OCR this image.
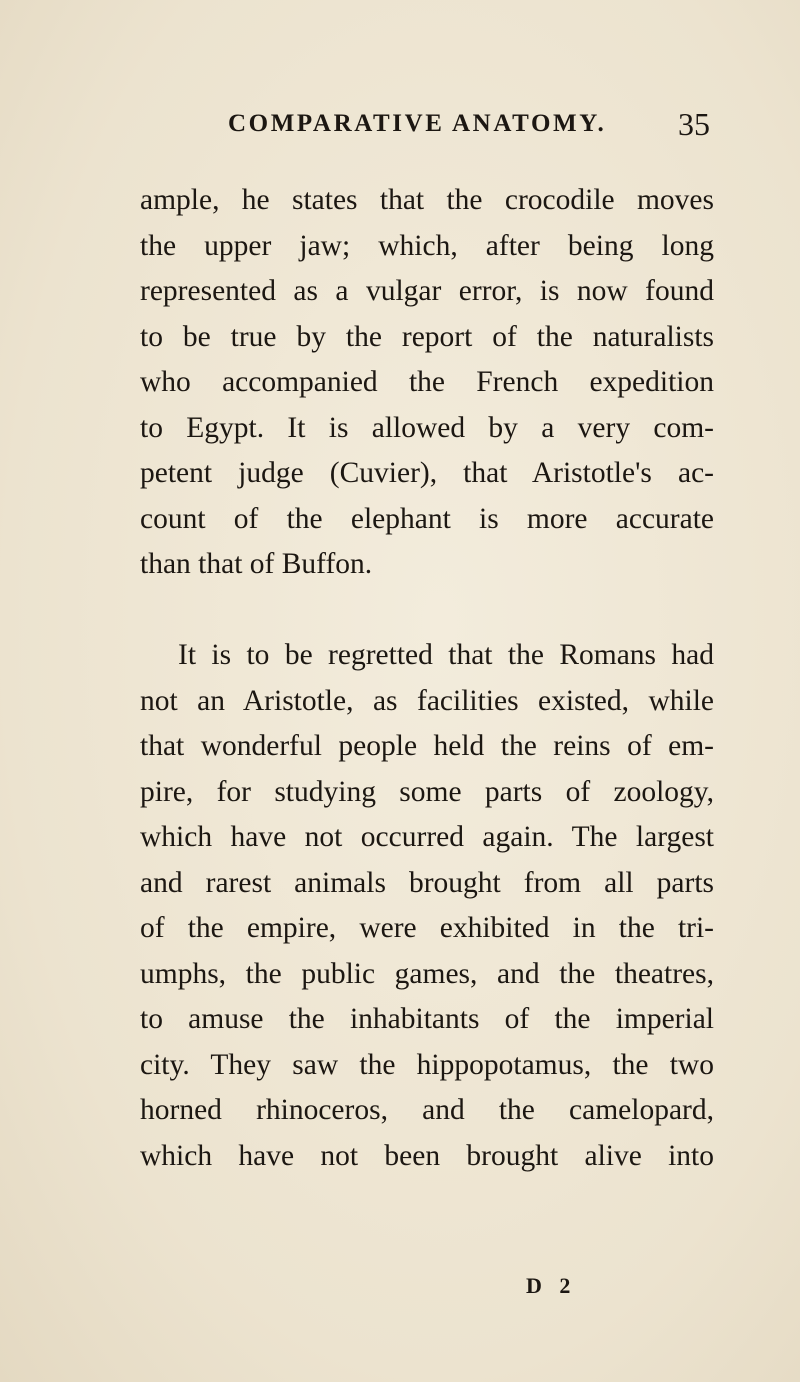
COMPARATIVE ANATOMY. 35
ample, he states that the crocodile moves
the upper jaw; which, after being long
represented as a vulgar error, is now found
to be true by the report of the naturalists
who accompanied the French expedition
to Egypt. It is allowed by a very com-
petent judge (Cuvier), that Aristotle's ac-
count of the elephant is more accurate
than that of Buffon.
It is to be regretted that the Romans had
not an Aristotle, as facilities existed, while
that wonderful people held the reins of em-
pire, for studying some parts of zoology,
which have not occurred again. The largest
and rarest animals brought from all parts
of the empire, were exhibited in the tri-
umphs, the public games, and the theatres,
to amuse the inhabitants of the imperial
city. They saw the hippopotamus, the two
horned rhinoceros, and the camelopard,
which have not been brought alive into
D 2
